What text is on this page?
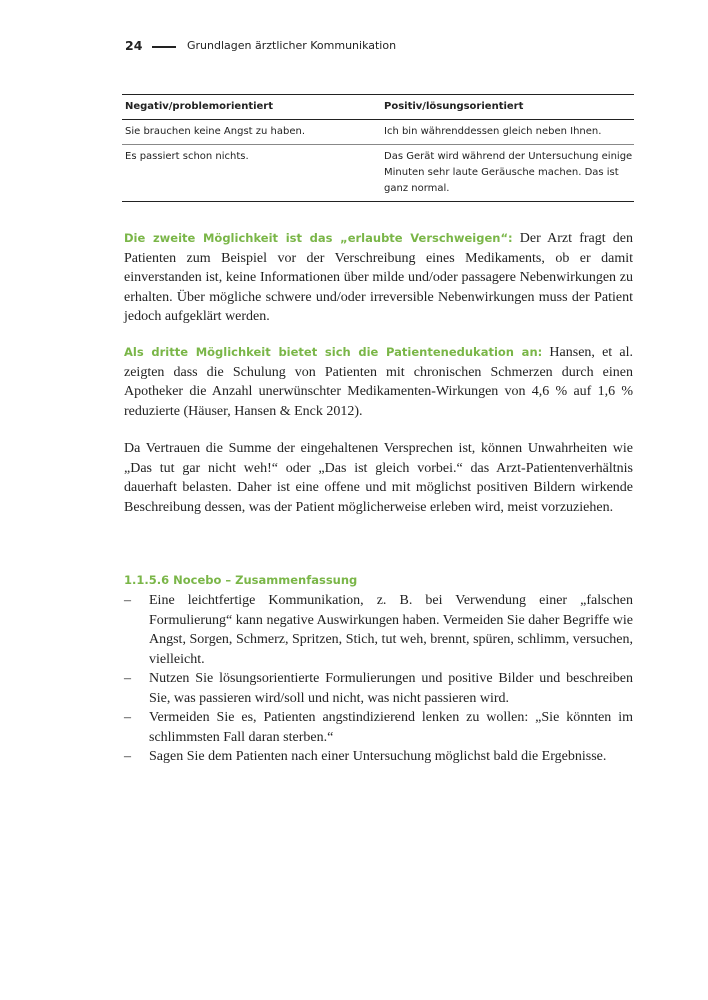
24	Grundlagen ärztlicher Kommunikation
Negativ/problemorientiert	Positiv/lösungsorientiert
Sie brauchen keine Angst zu haben.	Ich bin währenddessen gleich neben Ihnen.
Es passiert schon nichts.	Das Gerät wird während der Untersuchung einige Minuten sehr laute Geräusche machen. Das ist ganz normal.

Die zweite Möglichkeit ist das „erlaubte Verschweigen“: Der Arzt fragt den Patienten zum Beispiel vor der Verschreibung eines Medikaments, ob er damit einverstanden ist, keine Informationen über milde und/oder passagere Nebenwirkungen zu erhalten. Über mögliche schwere und/oder irreversible Nebenwirkungen muss der Patient jedoch aufgeklärt werden.

Als dritte Möglichkeit bietet sich die Patientenedukation an: Hansen, et al. zeigten dass die Schulung von Patienten mit chronischen Schmerzen durch einen Apotheker die Anzahl unerwünschter Medikamenten-Wirkungen von 4,6 % auf 1,6 % reduzierte (Häuser, Hansen & Enck 2012).

Da Vertrauen die Summe der eingehaltenen Versprechen ist, können Unwahrheiten wie „Das tut gar nicht weh!“ oder „Das ist gleich vorbei.“ das Arzt-Patientenverhältnis dauerhaft belasten. Daher ist eine offene und mit möglichst positiven Bildern wirkende Beschreibung dessen, was der Patient möglicherweise erleben wird, meist vorzuziehen.

1.1.5.6 Nocebo – Zusammenfassung
– Eine leichtfertige Kommunikation, z. B. bei Verwendung einer „falschen Formulierung“ kann negative Auswirkungen haben. Vermeiden Sie daher Begriffe wie Angst, Sorgen, Schmerz, Spritzen, Stich, tut weh, brennt, spüren, schlimm, versuchen, vielleicht.
– Nutzen Sie lösungsorientierte Formulierungen und positive Bilder und beschreiben Sie, was passieren wird/soll und nicht, was nicht passieren wird.
– Vermeiden Sie es, Patienten angstindizierend lenken zu wollen: „Sie könnten im schlimmsten Fall daran sterben.“
– Sagen Sie dem Patienten nach einer Untersuchung möglichst bald die Ergebnisse.
